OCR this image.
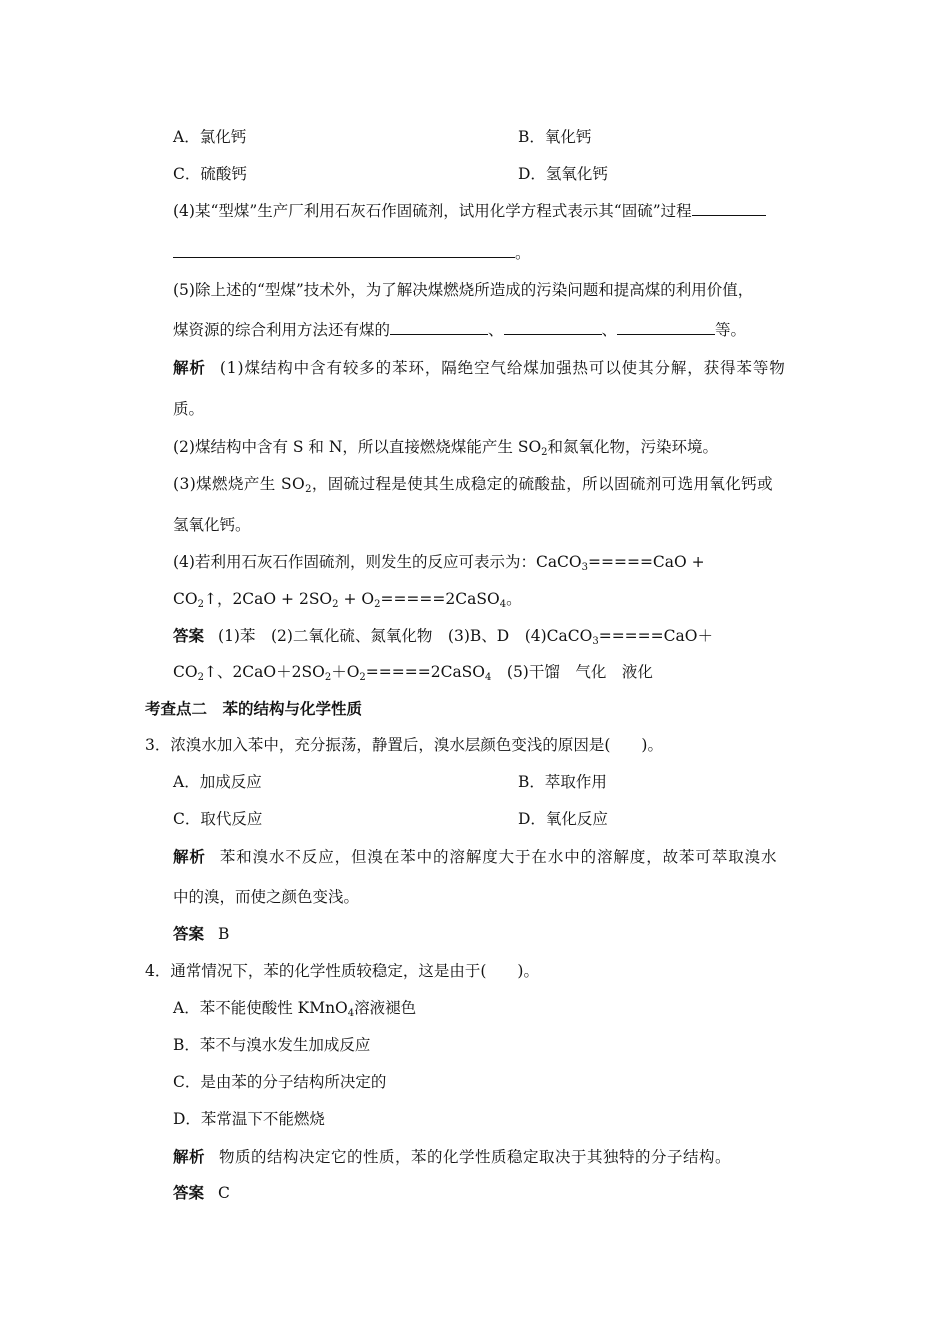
A．氯化钙	B．氧化钙
C．硫酸钙	D．氢氧化钙
(4)某“型煤”生产厂利用石灰石作固硫剂，试用化学方程式表示其“固硫”过程
。
(5)除上述的“型煤”技术外，为了解决煤燃烧所造成的污染问题和提高煤的利用价值，
煤资源的综合利用方法还有煤的	、	、	等。
解析 (1)煤结构中含有较多的苯环，隔绝空气给煤加强热可以使其分解，获得苯等物
质。
(2)煤结构中含有 S 和 N，所以直接燃烧煤能产生 $SO_2$和氮氧化物，污染环境。
(3)煤燃烧产生 $SO_2$，固硫过程是使其生成稳定的硫酸盐，所以固硫剂可选用氧化钙或
氢氧化钙。
(4)若利用石灰石作固硫剂，则发生的反应可表示为：CaCO$_3$=====CaO +
$CO_2↑$，$2CaO + 2SO_2$ + $O_2=====2CaSO_4$。
答案 (1)苯　(2)二氧化硫、氮氧化物　(3)B、D　(4)CaCO$_3$=====CaO＋
$CO_2↑$、$2CaO+2SO_2+O_2=====2CaSO_4$　(5)干馏　气化　液化
考查点二　苯的结构与化学性质
3．浓溴水加入苯中，充分振荡，静置后，溴水层颜色变浅的原因是(　　)。
A．加成反应	B．萃取作用
C．取代反应	D．氧化反应
解析 苯和溴水不反应，但溴在苯中的溶解度大于在水中的溶解度，故苯可萃取溴水
中的溴，而使之颜色变浅。
答案 B
4．通常情况下，苯的化学性质较稳定，这是由于(　　)。
A．苯不能使酸性 KMnO$_4$溶液褪色
B．苯不与溴水发生加成反应
C．是由苯的分子结构所决定的
D．苯常温下不能燃烧
解析 物质的结构决定它的性质，苯的化学性质稳定取决于其独特的分子结构。
答案 C
